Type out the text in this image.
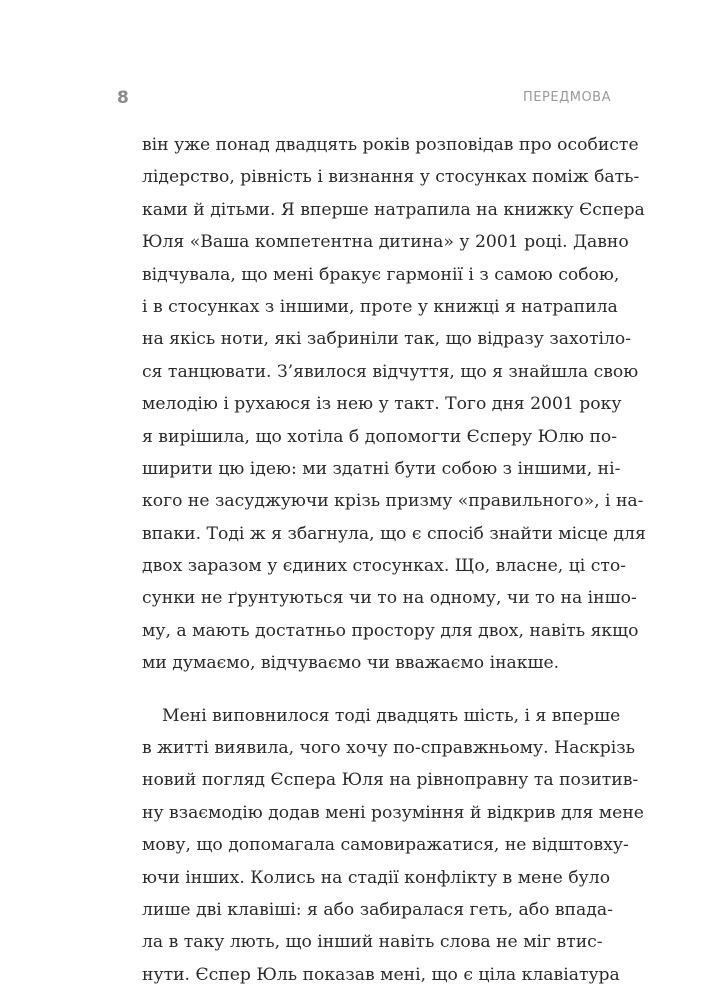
8	ПЕРЕДМОВА
він уже понад двадцять років розповідав про особисте
лідерство, рівність і визнання у стосунках поміж бать-
ками й дітьми. Я вперше натрапила на книжку Єспера
Юля «Ваша компетентна дитина» у 2001 році. Давно
відчувала, що мені бракує гармонії і з самою собою,
і в стосунках з іншими, проте у книжці я натрапила
на якісь ноти, які забриніли так, що відразу захотіло-
ся танцювати. З’явилося відчуття, що я знайшла свою
мелодію і рухаюся із нею у такт. Того дня 2001 року
я вирішила, що хотіла б допомогти Єсперу Юлю по-
ширити цю ідею: ми здатні бути собою з іншими, ні-
кого не засуджуючи крізь призму «правильного», і на-
впаки. Тоді ж я збагнула, що є спосіб знайти місце для
двох заразом у єдиних стосунках. Що, власне, ці сто-
сунки не ґрунтуються чи то на одному, чи то на іншо-
му, а мають достатньо простору для двох, навіть якщо
ми думаємо, відчуваємо чи вважаємо інакше.
Мені виповнилося тоді двадцять шість, і я вперше
в житті виявила, чого хочу по-справжньому. Наскрізь
новий погляд Єспера Юля на рівноправну та позитив-
ну взаємодію додав мені розуміння й відкрив для мене
мову, що допомагала самовиражатися, не відштовху-
ючи інших. Колись на стадії конфлікту в мене було
лише дві клавіші: я або забиралася геть, або впада-
ла в таку лють, що інший навіть слова не міг втис-
нути. Єспер Юль показав мені, що є ціла клавіатура
